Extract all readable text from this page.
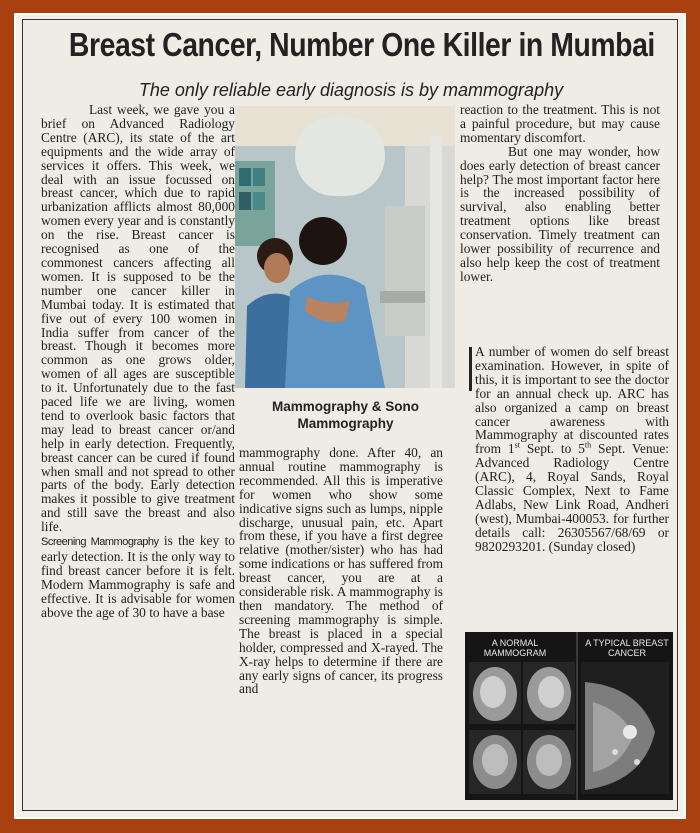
Breast Cancer, Number One Killer in Mumbai
The only reliable early diagnosis is by mammography

Last week, we gave you a brief on Advanced Radiology Centre (ARC), its state of the art equipments and the wide array of services it offers. This week, we deal with an issue focussed on breast cancer, which due to rapid urbanization afflicts almost 80,000 women every year and is constantly on the rise. Breast cancer is recognised as one of the commonest cancers affecting all women. It is supposed to be the number one cancer killer in Mumbai today. It is estimated that five out of every 100 women in India suffer from cancer of the breast. Though it becomes more common as one grows older, women of all ages are susceptible to it. Unfortunately due to the fast paced life we are living, women tend to overlook basic factors that may lead to breast cancer or/and help in early detection. Frequently, breast cancer can be cured if found when small and not spread to other parts of the body. Early detection makes it possible to give treatment and still save the breast and also life.

Screening Mammography is the key to early detection. It is the only way to find breast cancer before it is felt. Modern Mammography is safe and effective. It is advisable for women above the age of 30 to have a base

Mammography & Sono Mammography

mammography done. After 40, an annual routine mammography is recommended. All this is imperative for women who show some indicative signs such as lumps, nipple discharge, unusual pain, etc. Apart from these, if you have a first degree relative (mother/sister) who has had some indications or has suffered from breast cancer, you are at a considerable risk. A mammography is then mandatory. The method of screening mammography is simple. The breast is placed in a special holder, compressed and X-rayed. The X-ray helps to determine if there are any early signs of cancer, its progress and

reaction to the treatment. This is not a painful procedure, but may cause momentary discomfort.

But one may wonder, how does early detection of breast cancer help? The most important factor here is the increased possibility of survival, also enabling better treatment options like breast conservation. Timely treatment can lower possibility of recurrence and also help keep the cost of treatment lower.

A number of women do self breast examination. However, in spite of this, it is important to see the doctor for an annual check up. ARC has also organized a camp on breast cancer awareness with Mammography at discounted rates from 1st Sept. to 5th Sept. Venue: Advanced Radiology Centre (ARC), 4, Royal Sands, Royal Classic Complex, Next to Fame Adlabs, New Link Road, Andheri (west), Mumbai-400053. for further details call: 26305567/68/69 or 9820293201. (Sunday closed)

A NORMAL MAMMOGRAM
A TYPICAL BREAST CANCER
